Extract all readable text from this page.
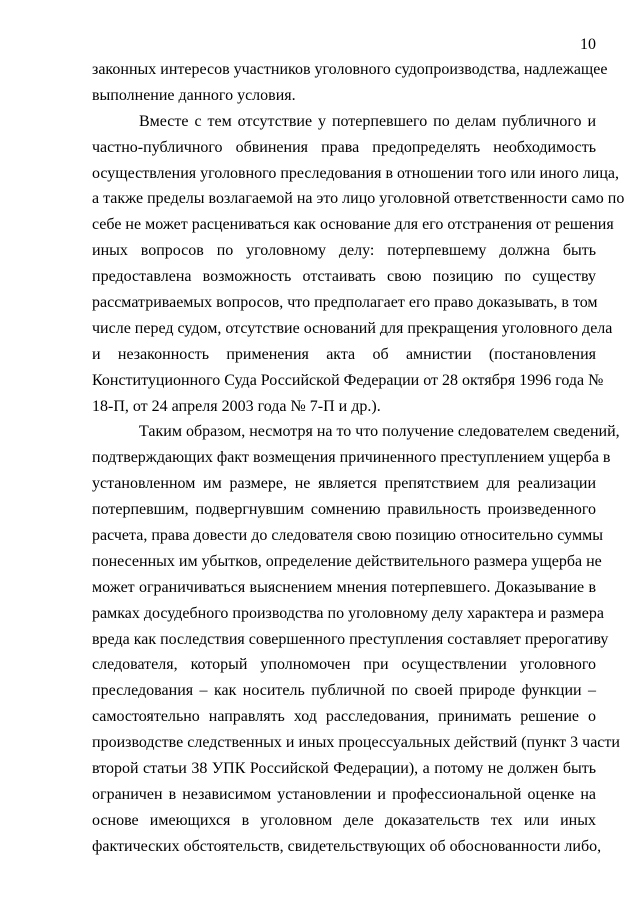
10
законных интересов участников уголовного судопроизводства, надлежащее
выполнение данного условия.
Вместе с тем отсутствие у потерпевшего по делам публичного и
частно-публичного обвинения права предопределять необходимость
осуществления уголовного преследования в отношении того или иного лица,
а также пределы возлагаемой на это лицо уголовной ответственности само по
себе не может расцениваться как основание для его отстранения от решения
иных вопросов по уголовному делу: потерпевшему должна быть
предоставлена возможность отстаивать свою позицию по существу
рассматриваемых вопросов, что предполагает его право доказывать, в том
числе перед судом, отсутствие оснований для прекращения уголовного дела
и незаконность применения акта об амнистии (постановления
Конституционного Суда Российской Федерации от 28 октября 1996 года №
18-П, от 24 апреля 2003 года № 7-П и др.).
Таким образом, несмотря на то что получение следователем сведений,
подтверждающих факт возмещения причиненного преступлением ущерба в
установленном им размере, не является препятствием для реализации
потерпевшим, подвергнувшим сомнению правильность произведенного
расчета, права довести до следователя свою позицию относительно суммы
понесенных им убытков, определение действительного размера ущерба не
может ограничиваться выяснением мнения потерпевшего. Доказывание в
рамках досудебного производства по уголовному делу характера и размера
вреда как последствия совершенного преступления составляет прерогативу
следователя, который уполномочен при осуществлении уголовного
преследования – как носитель публичной по своей природе функции –
самостоятельно направлять ход расследования, принимать решение о
производстве следственных и иных процессуальных действий (пункт 3 части
второй статьи 38 УПК Российской Федерации), а потому не должен быть
ограничен в независимом установлении и профессиональной оценке на
основе имеющихся в уголовном деле доказательств тех или иных
фактических обстоятельств, свидетельствующих об обоснованности либо,
